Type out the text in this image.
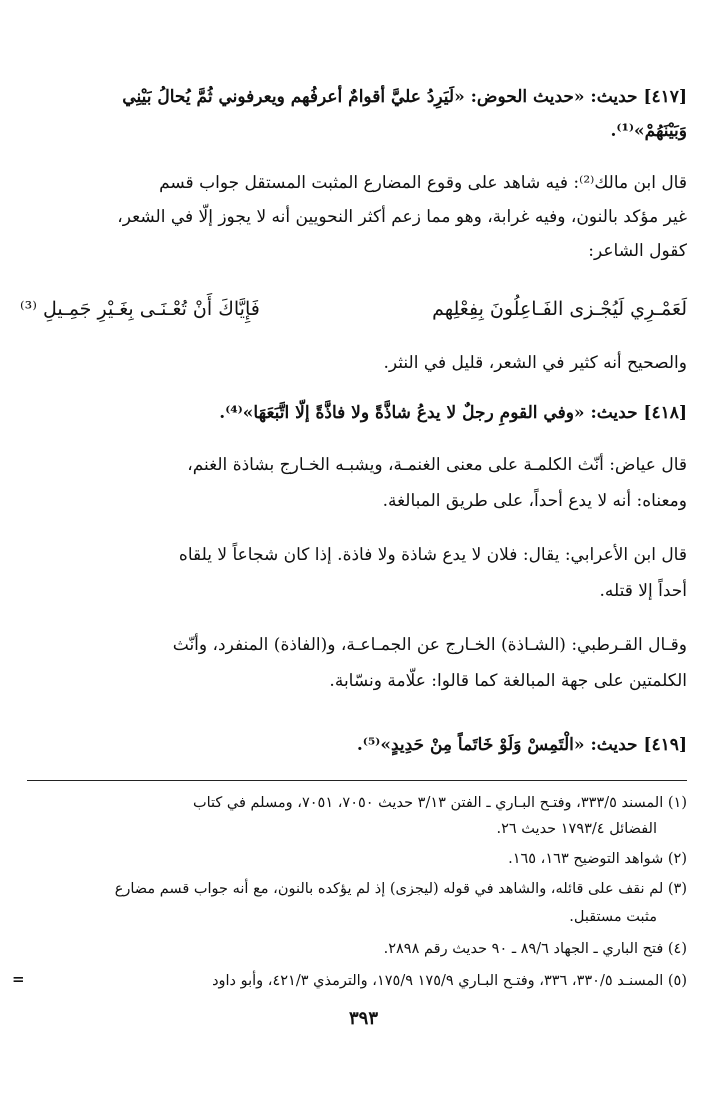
[٤١٧] حديث: «حديث الحوض: «لَيَرِدُ عليَّ أقوامٌ أعرفُهم ويعرفوني ثُمَّ يُحالُ بَيْنِي
وَبَيْنَهُمْ»⁽¹⁾.
قال ابن مالك⁽²⁾: فيه شاهد على وقوع المضارع المثبت المستقل جواب قسم
غير مؤكد بالنون، وفيه غرابة، وهو مما زعم أكثر النحويين أنه لا يجوز إلّا في الشعر،
كقول الشاعر:
لَعَمْـرِي لَيُجْـزى الفَـاعِلُونَ بِفِعْلِهم
فَإِيَّاكَ أَنْ تُعْـنَـى بِغَـيْرِ جَمِـيلِ ⁽³⁾
والصحيح أنه كثير في الشعر، قليل في النثر.
[٤١٨] حديث: «وفي القومِ رجلٌ لا يدعُ شاذَّةً ولا فاذَّةً إلّا اتَّبَعَهَا»⁽⁴⁾.
قال عياض: أنّث الكلمـة على معنى الغنمـة، ويشبـه الخـارج بشاذة الغنم،
ومعناه: أنه لا يدع أحداً، على طريق المبالغة.
قال ابن الأعرابي: يقال: فلان لا يدع شاذة ولا فاذة. إذا كان شجاعاً لا يلقاه
أحداً إلا قتله.
وقـال القـرطبي: (الشـاذة) الخـارج عن الجمـاعـة، و(الفاذة) المنفرد، وأنّث
الكلمتين على جهة المبالغة كما قالوا: علّامة ونسّابة.
[٤١٩] حديث: «الْتَمِسْ وَلَوْ خَاتَماً مِنْ حَدِيدٍ»⁽⁵⁾.
(١) المسند ٣٣٣/٥، وفتـح البـاري ـ الفتن ٣/١٣ حديث ٧٠٥٠، ٧٠٥١، ومسلم في كتاب
الفضائل ١٧٩٣/٤ حديث ٢٦.
(٢) شواهد التوضيح ١٦٣، ١٦٥.
(٣) لم نقف على قائله، والشاهد في قوله (ليجزى) إذ لم يؤكده بالنون، مع أنه جواب قسم مضارع
مثبت مستقبل.
(٤) فتح الباري ـ الجهاد ٨٩/٦ ـ ٩٠ حديث رقم ٢٨٩٨.
(٥) المسنـد ٣٣٠/٥، ٣٣٦، وفتـح البـاري ١٧٥/٩ ١٧٥/٩، والترمذي ٤٢١/٣، وأبو داود
=
٣٩٣
